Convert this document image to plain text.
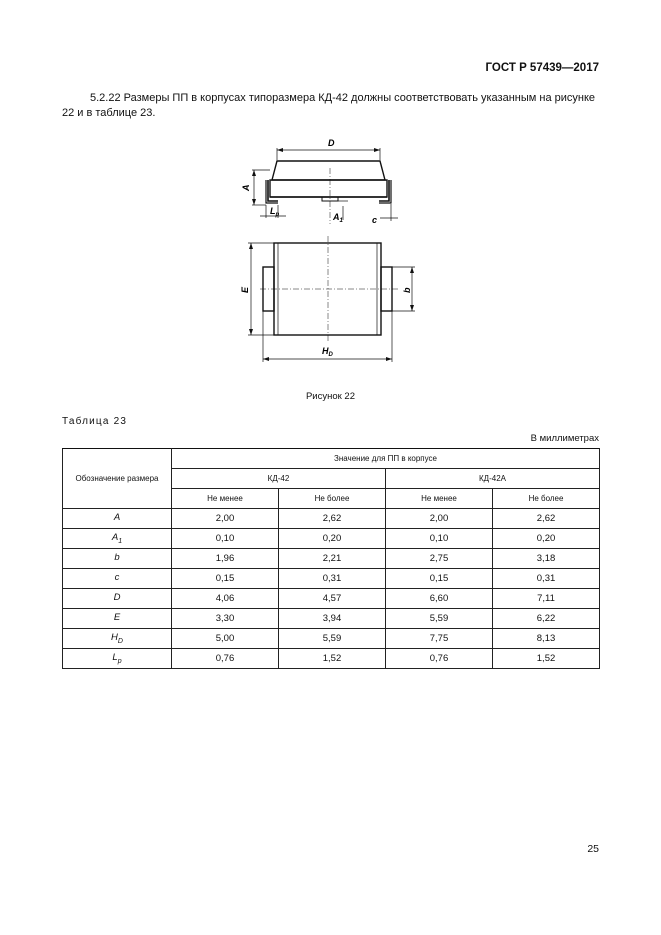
ГОСТ Р 57439—2017
5.2.22 Размеры ПП в корпусах типоразмера КД-42 должны соответствовать указанным на рисунке 22 и в таблице 23.
D
A
$L_p$	$A_1$	c
E	b
$H_D$
Рисунок 22
Таблица 23
В миллиметрах
Обозначение размера	Значение для ПП в корпусе			
	КД-42		КД-42А	
	Не менее	Не более	Не менее	Не более
A	2,00	2,62	2,00	2,62
$A_1$	0,10	0,20	0,10	0,20
b	1,96	2,21	2,75	3,18
c	0,15	0,31	0,15	0,31
D	4,06	4,57	6,60	7,11
E	3,30	3,94	5,59	6,22
$H_D$	5,00	5,59	7,75	8,13
$L_p$	0,76	1,52	0,76	1,52
25
